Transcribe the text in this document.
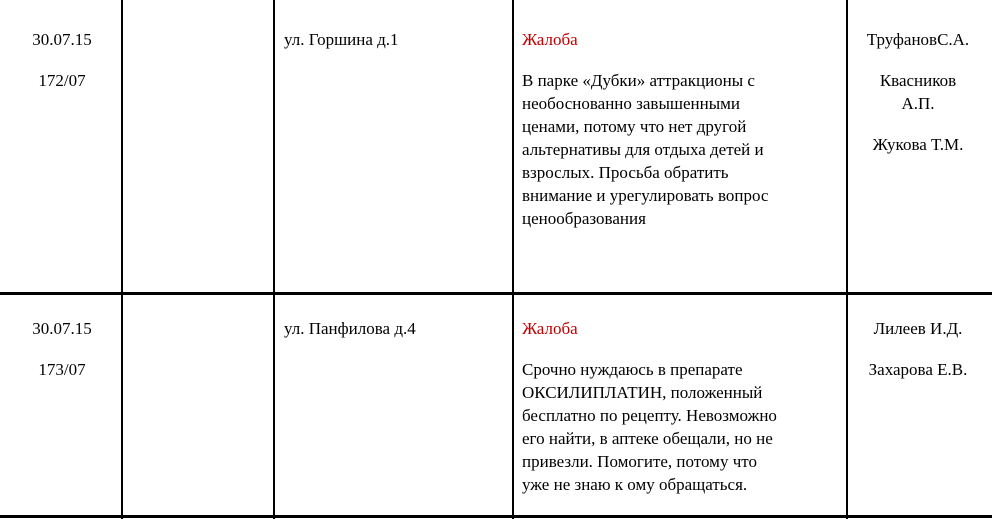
30.07.15
172/07
ул. Горшина д.1	Жалоба
В парке «Дубки» аттракционы с
необоснованно завышенными
ценами, потому что нет другой
альтернативы для отдыха детей и
взрослых. Просьба обратить
внимание и урегулировать вопрос
ценообразования
ТруфановС.А.
Квасников
А.П.
Жукова Т.М.
30.07.15
173/07
ул. Панфилова д.4	Жалоба
Срочно нуждаюсь в препарате
ОКСИЛИПЛАТИН, положенный
бесплатно по рецепту. Невозможно
его найти, в аптеке обещали, но не
привезли. Помогите, потому что
уже не знаю к ому обращаться.
Лилеев И.Д.
Захарова Е.В.
